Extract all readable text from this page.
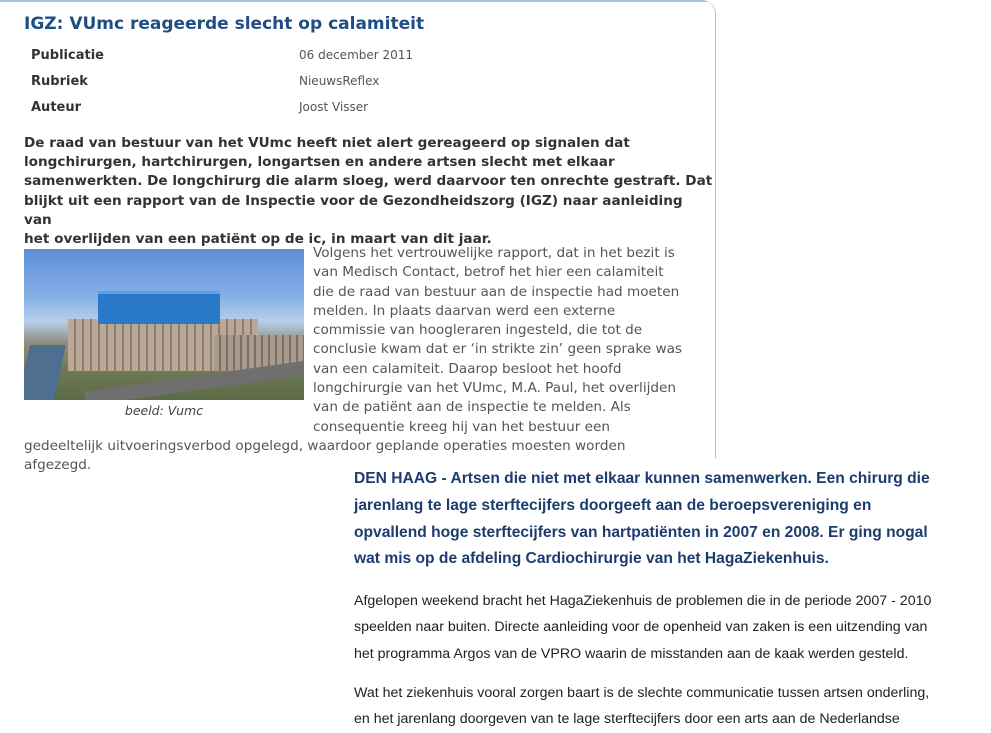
IGZ: VUmc reageerde slecht op calamiteit
Publicatie	06 december 2011
Rubriek	NieuwsReflex
Auteur	Joost Visser

De raad van bestuur van het VUmc heeft niet alert gereageerd op signalen dat
longchirurgen, hartchirurgen, longartsen en andere artsen slecht met elkaar
samenwerkten. De longchirurg die alarm sloeg, werd daarvoor ten onrechte gestraft. Dat
blijkt uit een rapport van de Inspectie voor de Gezondheidszorg (IGZ) naar aanleiding van
het overlijden van een patiënt op de ic, in maart van dit jaar.

beeld: Vumc

Volgens het vertrouwelijke rapport, dat in het bezit is
van Medisch Contact, betrof het hier een calamiteit
die de raad van bestuur aan de inspectie had moeten
melden. In plaats daarvan werd een externe
commissie van hoogleraren ingesteld, die tot de
conclusie kwam dat er ‘in strikte zin’ geen sprake was
van een calamiteit. Daarop besloot het hoofd
longchirurgie van het VUmc, M.A. Paul, het overlijden
van de patiënt aan de inspectie te melden. Als
consequentie kreeg hij van het bestuur een

gedeeltelijk uitvoeringsverbod opgelegd, waardoor geplande operaties moesten worden
afgezegd.

DEN HAAG - Artsen die niet met elkaar kunnen samenwerken. Een chirurg die
jarenlang te lage sterftecijfers doorgeeft aan de beroepsvereniging en
opvallend hoge sterftecijfers van hartpatiënten in 2007 en 2008. Er ging nogal
wat mis op de afdeling Cardiochirurgie van het HagaZiekenhuis.

Afgelopen weekend bracht het HagaZiekenhuis de problemen die in de periode 2007 - 2010
speelden naar buiten. Directe aanleiding voor de openheid van zaken is een uitzending van
het programma Argos van de VPRO waarin de misstanden aan de kaak werden gesteld.

Wat het ziekenhuis vooral zorgen baart is de slechte communicatie tussen artsen onderling,
en het jarenlang doorgeven van te lage sterftecijfers door een arts aan de Nederlandse
